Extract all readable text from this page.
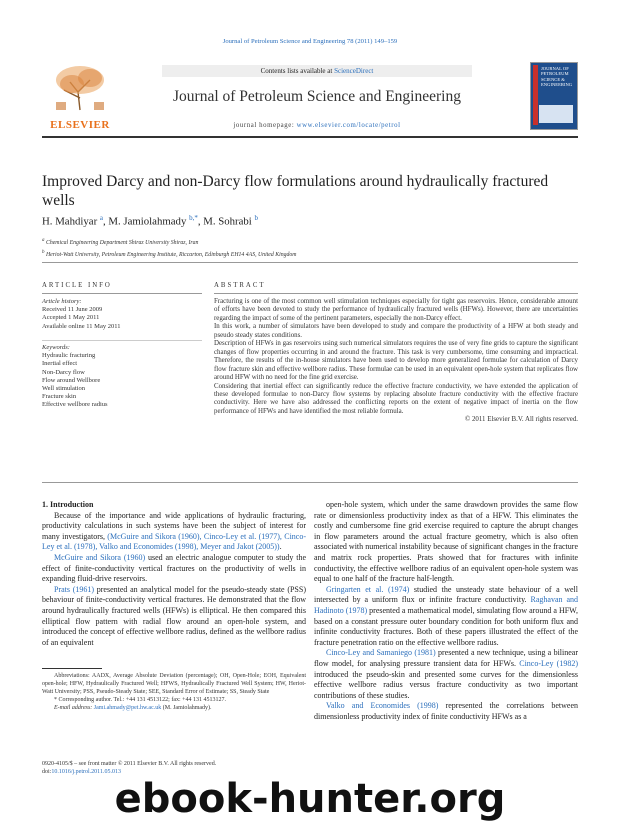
Journal of Petroleum Science and Engineering 78 (2011) 149–159
ELSEVIER
Contents lists available at ScienceDirect
Journal of Petroleum Science and Engineering
journal homepage: www.elsevier.com/locate/petrol
JOURNAL OF PETROLEUM SCIENCE & ENGINEERING
Improved Darcy and non-Darcy flow formulations around hydraulically fractured wells
H. Mahdiyar $^a$, M. Jamiolahmady $^{b,*}$, M. Sohrabi $^b$
$^a$ Chemical Engineering Department Shiraz University Shiraz, Iran
$^b$ Heriot-Watt University, Petroleum Engineering Institute, Riccarton, Edinburgh EH14 4AS, United Kingdom
ARTICLE INFO	ABSTRACT
Article history:
Received 11 June 2009
Accepted 1 May 2011
Available online 11 May 2011
Keywords:
Hydraulic fracturing
Inertial effect
Non-Darcy flow
Flow around Wellbore
Well stimulation
Fracture skin
Effective wellbore radius

Fracturing is one of the most common well stimulation techniques especially for tight gas reservoirs. Hence, considerable amount of efforts have been devoted to study the performance of hydraulically fractured wells (HFWs). However, there are uncertainties regarding the impact of some of the pertinent parameters, especially the non-Darcy effect.

In this work, a number of simulators have been developed to study and compare the productivity of a HFW at both steady and pseudo steady states conditions.

Description of HFWs in gas reservoirs using such numerical simulators requires the use of very fine grids to capture the significant changes of flow properties occurring in and around the fracture. This task is very cumbersome, time consuming and impractical. Therefore, the results of the in-house simulators have been used to develop more generalized formulae for calculation of Darcy flow fracture skin and effective wellbore radius. These formulae can be used in an equivalent open-hole system that replicates flow around HFW with no need for the fine grid exercise.

Considering that inertial effect can significantly reduce the effective fracture conductivity, we have extended the application of these developed formulae to non-Darcy flow systems by replacing absolute fracture conductivity with the effective fracture conductivity. Here we have also addressed the conflicting reports on the extent of negative impact of inertia on the flow performance of HFWs and have identified the most reliable formula.

© 2011 Elsevier B.V. All rights reserved.

1. Introduction

Because of the importance and wide applications of hydraulic fracturing, productivity calculations in such systems have been the subject of interest for many investigators, (McGuire and Sikora (1960), Cinco-Ley et al. (1977), Cinco-Ley et al. (1978), Valko and Economides (1998), Meyer and Jakot (2005)).

McGuire and Sikora (1960) used an electric analogue computer to study the effect of finite-conductivity vertical fractures on the productivity of wells in expanding fluid-drive reservoirs.

Prats (1961) presented an analytical model for the pseudo-steady state (PSS) behaviour of finite-conductivity vertical fractures. He demonstrated that the flow around hydraulically fractured wells (HFWs) is elliptical. He then compared this elliptical flow pattern with radial flow around an open-hole system, and introduced the concept of effective wellbore radius, defined as the wellbore radius of an equivalent

open-hole system, which under the same drawdown provides the same flow rate or dimensionless productivity index as that of a HFW. This eliminates the costly and cumbersome fine grid exercise required to capture the abrupt changes in flow parameters around the actual fracture geometry, which is also often associated with numerical instability because of significant changes in the fracture and matrix rock properties. Prats showed that for fractures with infinite conductivity, the effective wellbore radius of an equivalent open-hole system was equal to one half of the fracture half-length.

Gringarten et al. (1974) studied the unsteady state behaviour of a well intersected by a uniform flux or infinite fracture conductivity. Raghavan and Hadinoto (1978) presented a mathematical model, simulating flow around a HFW, based on a constant pressure outer boundary condition for both uniform flux and infinite conductivity fractures. Both of these papers illustrated the effect of the fracture penetration ratio on the effective wellbore radius.

Cinco-Ley and Samaniego (1981) presented a new technique, using a bilinear flow model, for analysing pressure transient data for HFWs. Cinco-Ley (1982) introduced the pseudo-skin and presented some curves for the dimensionless effective wellbore radius versus fracture conductivity as two important contributions of these studies.

Valko and Economides (1998) represented the correlations between dimensionless productivity index of finite conductivity HFWs as a

Abbreviations: AADX, Average Absolute Deviation (percentage); OH, Open-Hole; EOH, Equivalent open-hole; HFW, Hydraulically Fractured Well; HFWS, Hydraulically Fractured Well System; HW, Heriot-Watt University; PSS, Pseudo-Steady State; SEE, Standard Error of Estimate; SS, Steady State

* Corresponding author. Tel.: +44 131 4513122; fax: +44 131 4513127.

E-mail address: Jami.ahmady@pet.hw.ac.uk (M. Jamiolahmady).

0920-4105/$ – see front matter © 2011 Elsevier B.V. All rights reserved.
doi:10.1016/j.petrol.2011.05.013
ebook-hunter.org
